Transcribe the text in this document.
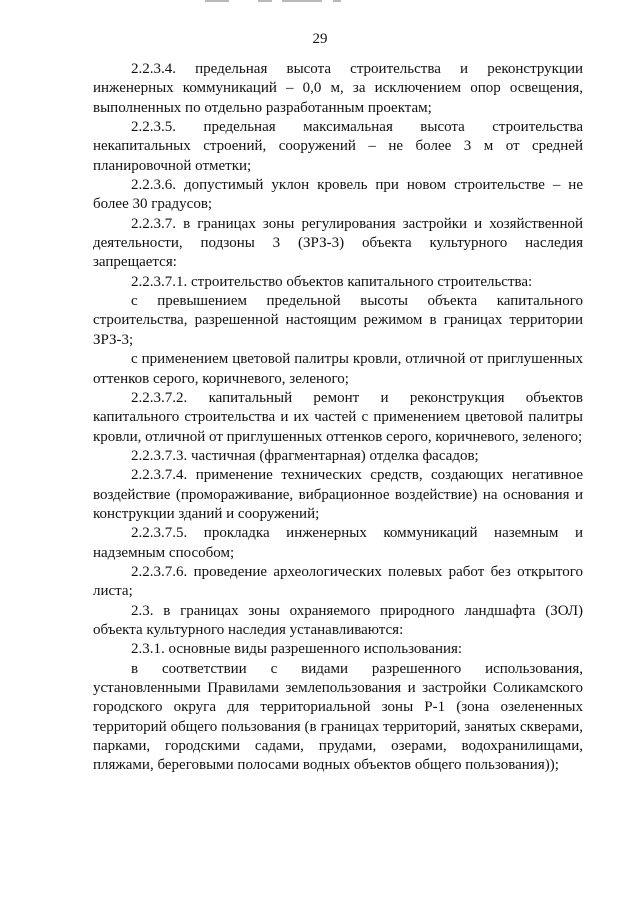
29

2.2.3.4. предельная высота строительства и реконструкции инженерных коммуникаций – 0,0 м, за исключением опор освещения, выполненных по отдельно разработанным проектам;

2.2.3.5. предельная максимальная высота строительства некапитальных строений, сооружений – не более 3 м от средней планировочной отметки;

2.2.3.6. допустимый уклон кровель при новом строительстве – не более 30 градусов;

2.2.3.7. в границах зоны регулирования застройки и хозяйственной деятельности, подзоны 3 (ЗРЗ-3) объекта культурного наследия запрещается:

2.2.3.7.1. строительство объектов капитального строительства:

с превышением предельной высоты объекта капитального строительства, разрешенной настоящим режимом в границах территории ЗРЗ-3;

с применением цветовой палитры кровли, отличной от приглушенных оттенков серого, коричневого, зеленого;

2.2.3.7.2. капитальный ремонт и реконструкция объектов капитального строительства и их частей с применением цветовой палитры кровли, отличной от приглушенных оттенков серого, коричневого, зеленого;

2.2.3.7.3. частичная (фрагментарная) отделка фасадов;

2.2.3.7.4. применение технических средств, создающих негативное воздействие (промораживание, вибрационное воздействие) на основания и конструкции зданий и сооружений;

2.2.3.7.5. прокладка инженерных коммуникаций наземным и надземным способом;

2.2.3.7.6. проведение археологических полевых работ без открытого листа;

2.3. в границах зоны охраняемого природного ландшафта (ЗОЛ) объекта культурного наследия устанавливаются:

2.3.1. основные виды разрешенного использования:

в соответствии с видами разрешенного использования, установленными Правилами землепользования и застройки Соликамского городского округа для территориальной зоны Р-1 (зона озелененных территорий общего пользования (в границах территорий, занятых скверами, парками, городскими садами, прудами, озерами, водохранилищами, пляжами, береговыми полосами водных объектов общего пользования));
